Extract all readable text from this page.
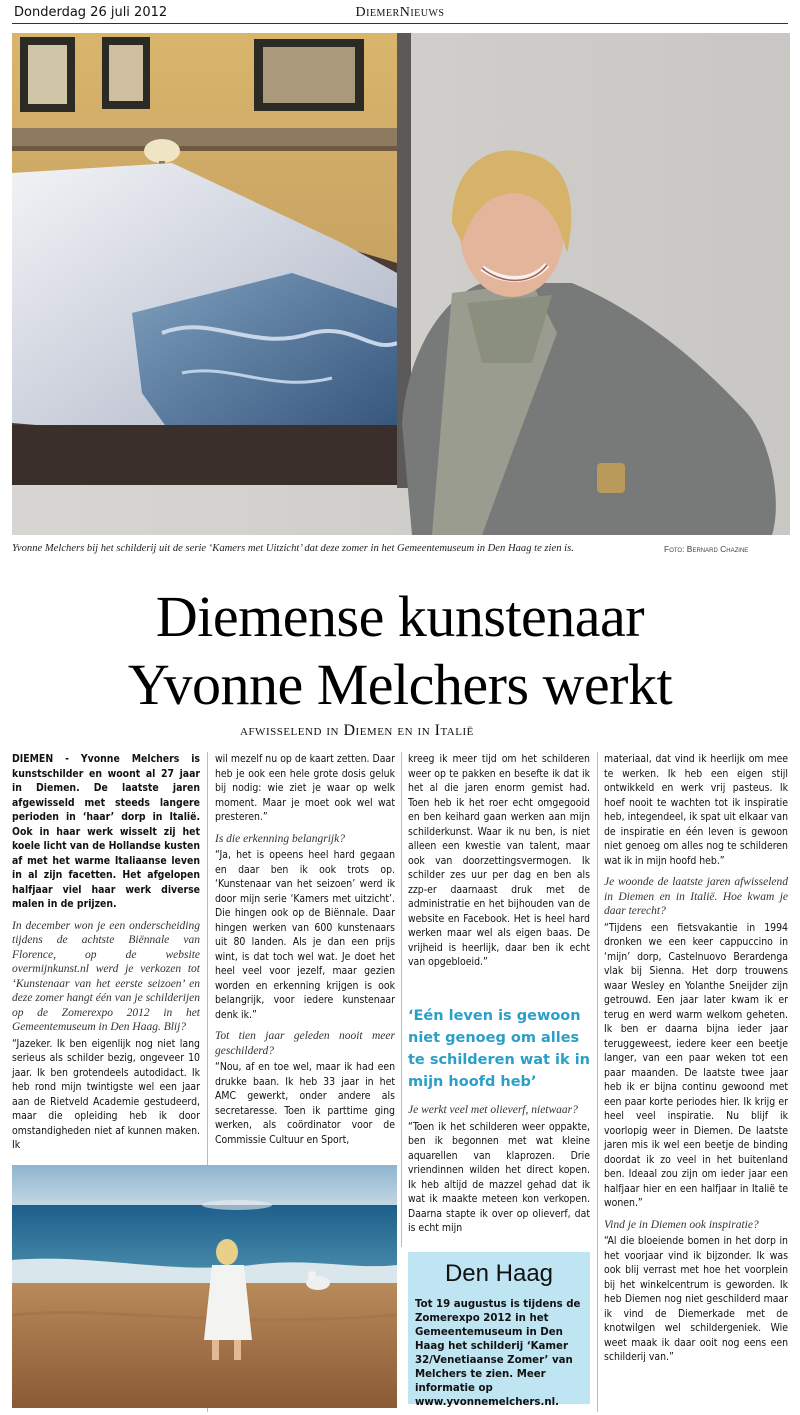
Donderdag 26 juli 2012	DiemerNieuws
Yvonne Melchers bij het schilderij uit de serie ‘Kamers met Uitzicht’ dat deze zomer in het Gemeentemuseum in Den Haag te zien is.	Foto: Bernard Chazine
Diemense kunstenaar
Yvonne Melchers werkt
afwisselend in Diemen en in Italië

DIEMEN - Yvonne Melchers is kunstschilder en woont al 27 jaar in Diemen. De laatste jaren afgewisseld met steeds langere perioden in ‘haar’ dorp in Italië. Ook in haar werk wisselt zij het koele licht van de Hollandse kusten af met het warme Italiaanse leven in al zijn facetten. Het afgelopen halfjaar viel haar werk diverse malen in de prijzen.

In december won je een onderscheiding tijdens de achtste Biënnale van Florence, op de website overmijnkunst.nl werd je verkozen tot ‘Kunstenaar van het eerste seizoen’ en deze zomer hangt één van je schilderijen op de Zomerexpo 2012 in het Gemeentemuseum in Den Haag. Blij?

“Jazeker. Ik ben eigenlijk nog niet lang serieus als schilder bezig, ongeveer 10 jaar. Ik ben grotendeels autodidact. Ik heb rond mijn twintigste wel een jaar aan de Rietveld Academie gestudeerd, maar die opleiding heb ik door omstandigheden niet af kunnen maken. Ik

wil mezelf nu op de kaart zetten. Daar heb je ook een hele grote dosis geluk bij nodig: wie ziet je waar op welk moment. Maar je moet ook wel wat presteren.”

Is die erkenning belangrijk?

“Ja, het is opeens heel hard gegaan en daar ben ik ook trots op. ‘Kunstenaar van het seizoen’ werd ik door mijn serie ‘Kamers met uitzicht’. Die hingen ook op de Biënnale. Daar hingen werken van 600 kunstenaars uit 80 landen. Als je dan een prijs wint, is dat toch wel wat. Je doet het heel veel voor jezelf, maar gezien worden en erkenning krijgen is ook belangrijk, voor iedere kunstenaar denk ik.”

Tot tien jaar geleden nooit meer geschilderd?

“Nou, af en toe wel, maar ik had een drukke baan. Ik heb 33 jaar in het AMC gewerkt, onder andere als secretaresse. Toen ik parttime ging werken, als coördinator voor de Commissie Cultuur en Sport,

kreeg ik meer tijd om het schilderen weer op te pakken en besefte ik dat ik het al die jaren enorm gemist had. Toen heb ik het roer echt omgegooid en ben keihard gaan werken aan mijn schilderkunst. Waar ik nu ben, is niet alleen een kwestie van talent, maar ook van doorzettingsvermogen. Ik schilder zes uur per dag en ben als zzp-er daarnaast druk met de administratie en het bijhouden van de website en Facebook. Het is heel hard werken maar wel als eigen baas. De vrijheid is heerlijk, daar ben ik echt van opgebloeid.”

‘Eén leven is gewoon niet genoeg om alles te schilderen wat ik in mijn hoofd heb’

Je werkt veel met olieverf, nietwaar?

“Toen ik het schilderen weer oppakte, ben ik begonnen met wat kleine aquarellen van klaprozen. Drie vriendinnen wilden het direct kopen. Ik heb altijd de mazzel gehad dat ik wat ik maakte meteen kon verkopen. Daarna stapte ik over op olieverf, dat is echt mijn

materiaal, dat vind ik heerlijk om mee te werken. Ik heb een eigen stijl ontwikkeld en werk vrij pasteus. Ik hoef nooit te wachten tot ik inspiratie heb, integendeel, ik spat uit elkaar van de inspiratie en één leven is gewoon niet genoeg om alles nog te schilderen wat ik in mijn hoofd heb.”

Je woonde de laatste jaren afwisselend in Diemen en in Italië. Hoe kwam je daar terecht?

“Tijdens een fietsvakantie in 1994 dronken we een keer cappuccino in ‘mijn’ dorp, Castelnuovo Berardenga vlak bij Sienna. Het dorp trouwens waar Wesley en Yolanthe Sneijder zijn getrouwd. Een jaar later kwam ik er terug en werd warm welkom geheten. Ik ben er daarna bijna ieder jaar teruggeweest, iedere keer een beetje langer, van een paar weken tot een paar maanden. De laatste twee jaar heb ik er bijna continu gewoond met een paar korte periodes hier. Ik krijg er heel veel inspiratie. Nu blijf ik voorlopig weer in Diemen. De laatste jaren mis ik wel een beetje de binding doordat ik zo veel in het buitenland ben. Ideaal zou zijn om ieder jaar een halfjaar hier en een halfjaar in Italië te wonen.”

Vind je in Diemen ook inspiratie?

“Al die bloeiende bomen in het dorp in het voorjaar vind ik bijzonder. Ik was ook blij verrast met hoe het voorplein bij het winkelcentrum is geworden. Ik heb Diemen nog niet geschilderd maar ik vind de Diemerkade met de knotwilgen wel schildergeniek. Wie weet maak ik daar ooit nog eens een schilderij van.”

Den Haag
Tot 19 augustus is tijdens de Zomerexpo 2012 in het Gemeentemuseum in Den Haag het schilderij ‘Kamer 32/Venetiaanse Zomer’ van Melchers te zien. Meer informatie op www.yvonnemelchers.nl.
